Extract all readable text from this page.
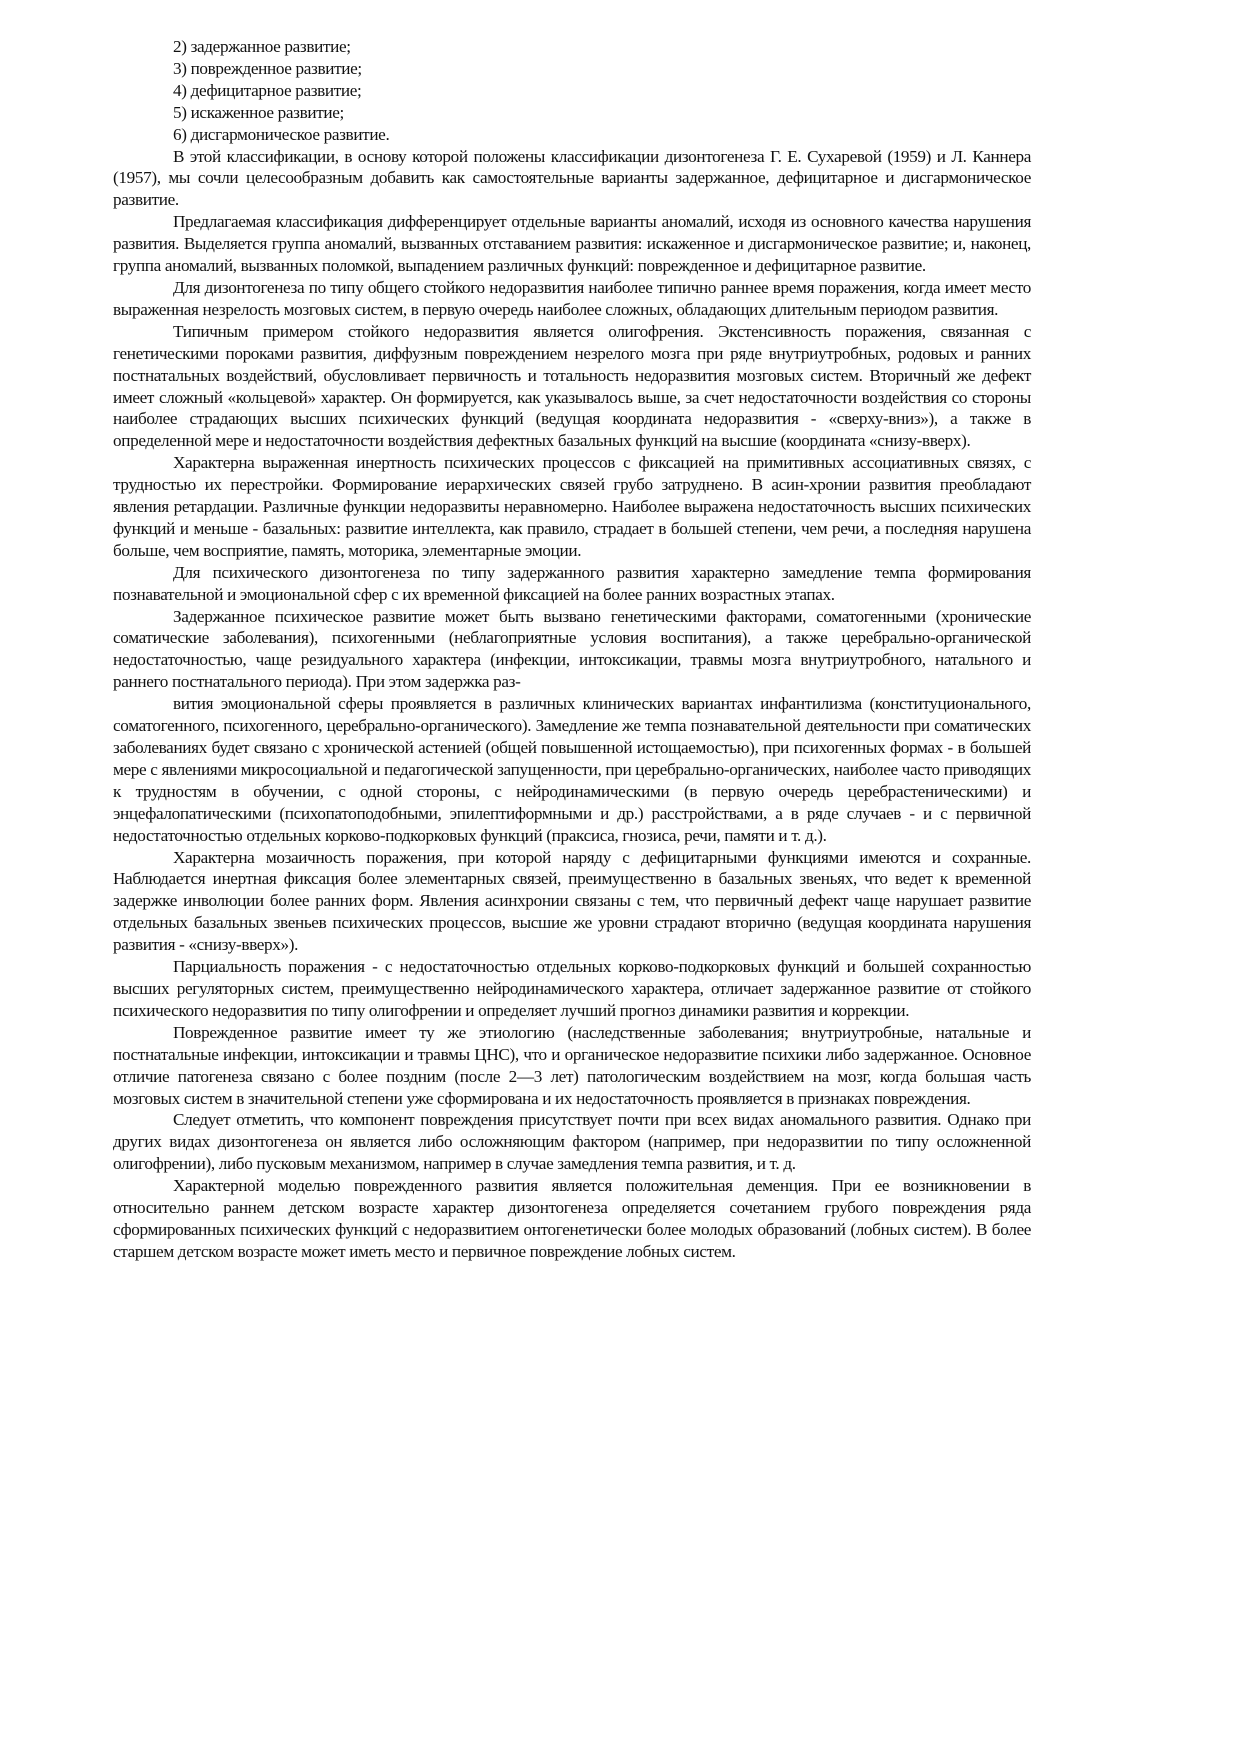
2) задержанное развитие;

3) поврежденное развитие;

4) дефицитарное развитие;

5) искаженное развитие;

6) дисгармоническое развитие.

В этой классификации, в основу которой положены классификации дизонтогенеза Г. Е. Сухаревой (1959) и Л. Каннера (1957), мы сочли целесообразным добавить как самостоятельные варианты задержанное, дефицитарное и дисгармоническое развитие.

Предлагаемая классификация дифференцирует отдельные варианты аномалий, исходя из основного качества нарушения развития. Выделяется группа аномалий, вызванных отставанием развития: искаженное и дисгармоническое развитие; и, наконец, группа аномалий, вызванных поломкой, выпадением различных функций: поврежденное и дефицитарное развитие.

Для дизонтогенеза по типу общего стойкого недоразвития наиболее типично раннее время поражения, когда имеет место выраженная незрелость мозговых систем, в первую очередь наиболее сложных, обладающих длительным периодом развития.

Типичным примером стойкого недоразвития является олигофрения. Экстенсивность поражения, связанная с генетическими пороками развития, диффузным повреждением незрелого мозга при ряде внутриутробных, родовых и ранних постнатальных воздействий, обусловливает первичность и тотальность недоразвития мозговых систем. Вторичный же дефект имеет сложный «кольцевой» характер. Он формируется, как указывалось выше, за счет недостаточности воздействия со стороны наиболее страдающих высших психических функций (ведущая координата недоразвития - «сверху-вниз»), а также в определенной мере и недостаточности воздействия дефектных базальных функций на высшие (координата «снизу-вверх).

Характерна выраженная инертность психических процессов с фиксацией на примитивных ассоциативных связях, с трудностью их перестройки. Формирование иерархических связей грубо затруднено. В асин-хронии развития преобладают явления ретардации. Различные функции недоразвиты неравномерно. Наиболее выражена недостаточность высших психических функций и меньше - базальных: развитие интеллекта, как правило, страдает в большей степени, чем речи, а последняя нарушена больше, чем восприятие, память, моторика, элементарные эмоции.

Для психического дизонтогенеза по типу задержанного развития характерно замедление темпа формирования познавательной и эмоциональной сфер с их временной фиксацией на более ранних возрастных этапах.

Задержанное психическое развитие может быть вызвано генетическими факторами, соматогенными (хронические соматические заболевания), психогенными (неблагоприятные условия воспитания), а также церебрально-органической недостаточностью, чаще резидуального характера (инфекции, интоксикации, травмы мозга внутриутробного, натального и раннего постнатального периода). При этом задержка раз-

вития эмоциональной сферы проявляется в различных клинических вариантах инфантилизма (конституционального, соматогенного, психогенного, церебрально-органического). Замедление же темпа познавательной деятельности при соматических заболеваниях будет связано с хронической астенией (общей повышенной истощаемостью), при психогенных формах - в большей мере с явлениями микросоциальной и педагогической запущенности, при церебрально-органических, наиболее часто приводящих к трудностям в обучении, с одной стороны, с нейродинамическими (в первую очередь церебрастеническими) и энцефалопатическими (психопатоподобными, эпилептиформными и др.) расстройствами, а в ряде случаев - и с первичной недостаточностью отдельных корково-подкорковых функций (праксиса, гнозиса, речи, памяти и т. д.).

Характерна мозаичность поражения, при которой наряду с дефицитарными функциями имеются и сохранные. Наблюдается инертная фиксация более элементарных связей, преимущественно в базальных звеньях, что ведет к временной задержке инволюции более ранних форм. Явления асинхронии связаны с тем, что первичный дефект чаще нарушает развитие отдельных базальных звеньев психических процессов, высшие же уровни страдают вторично (ведущая координата нарушения развития - «снизу-вверх»).

Парциальность поражения - с недостаточностью отдельных корково-подкорковых функций и большей сохранностью высших регуляторных систем, преимущественно нейродинамического характера, отличает задержанное развитие от стойкого психического недоразвития по типу олигофрении и определяет лучший прогноз динамики развития и коррекции.

Поврежденное развитие имеет ту же этиологию (наследственные заболевания; внутриутробные, натальные и постнатальные инфекции, интоксикации и травмы ЦНС), что и органическое недоразвитие психики либо задержанное. Основное отличие патогенеза связано с более поздним (после 2—3 лет) патологическим воздействием на мозг, когда большая часть мозговых систем в значительной степени уже сформирована и их недостаточность проявляется в признаках повреждения.

Следует отметить, что компонент повреждения присутствует почти при всех видах аномального развития. Однако при других видах дизонтогенеза он является либо осложняющим фактором (например, при недоразвитии по типу осложненной олигофрении), либо пусковым механизмом, например в случае замедления темпа развития, и т. д.

Характерной моделью поврежденного развития является положительная деменция. При ее возникновении в относительно раннем детском возрасте характер дизонтогенеза определяется сочетанием грубого повреждения ряда сформированных психических функций с недоразвитием онтогенетически более молодых образований (лобных систем). В более старшем детском возрасте может иметь место и первичное повреждение лобных систем.
